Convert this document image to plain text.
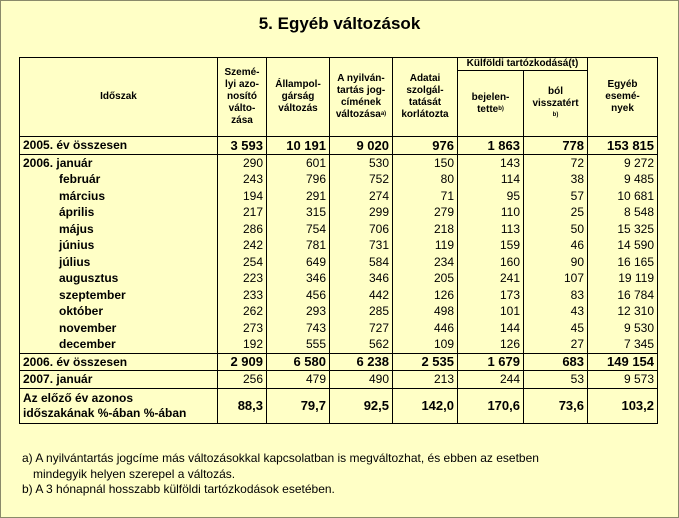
5. Egyéb változások
Időszak	Szemé-
lyi azo-
nosító
válto-
zása	Állampol-
gárság
változás	A nyilván-
tartás jog-
címének
változása$^{a)}$	Adatai
szolgál-
tatását
korlátozta	Külföldi tartózkodásá(t)		Egyéb
esemé-
nyek
					bejelen-
tette$^{b)}$	ból
visszatért
$^{b)}$
2005. év összesen	3 593	10 191	9 020	976	1 863	778	153 815
2006. január	290	601	530	150	143	72	9 272
február	243	796	752	80	114	38	9 485
március	194	291	274	71	95	57	10 681
április	217	315	299	279	110	25	8 548
május	286	754	706	218	113	50	15 325
június	242	781	731	119	159	46	14 590
július	254	649	584	234	160	90	16 165
augusztus	223	346	346	205	241	107	19 119
szeptember	233	456	442	126	173	83	16 784
október	262	293	285	498	101	43	12 310
november	273	743	727	446	144	45	9 530
december	192	555	562	109	126	27	7 345
2006. év összesen	2 909	6 580	6 238	2 535	1 679	683	149 154
2007. január	256	479	490	213	244	53	9 573
Az előző év azonos
időszakának %-ában %-ában	88,3	79,7	92,5	142,0	170,6	73,6	103,2
a) A nyilvántartás jogcíme más változásokkal kapcsolatban is megváltozhat, és ebben az esetben
mindegyik helyen szerepel a változás.
b) A 3 hónapnál hosszabb külföldi tartózkodások esetében.
